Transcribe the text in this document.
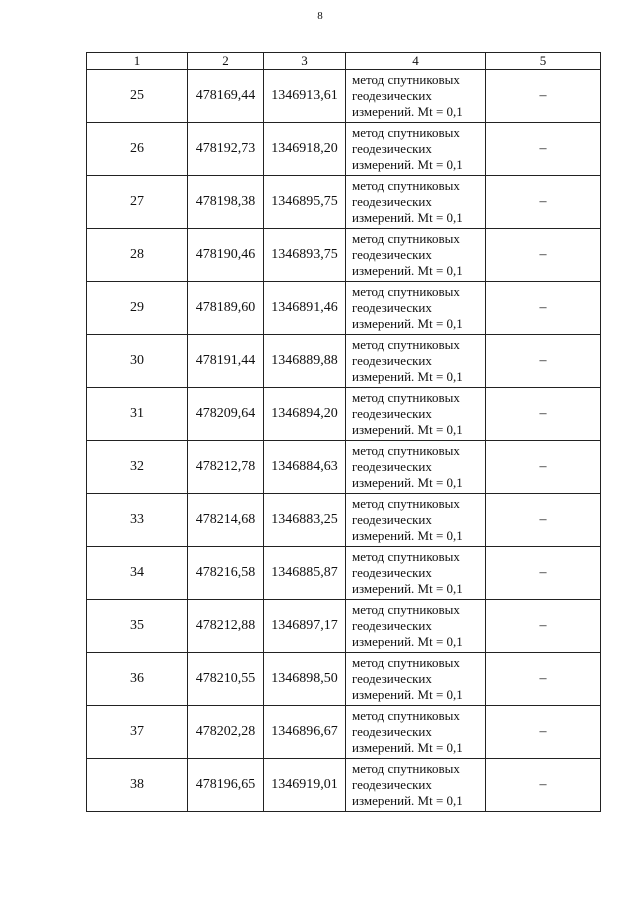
8
1	2	3	4	5
25	478169,44	1346913,61	метод спутниковых
геодезических
измерений. Mt = 0,1	–
26	478192,73	1346918,20	метод спутниковых
геодезических
измерений. Mt = 0,1	–
27	478198,38	1346895,75	метод спутниковых
геодезических
измерений. Mt = 0,1	–
28	478190,46	1346893,75	метод спутниковых
геодезических
измерений. Mt = 0,1	–
29	478189,60	1346891,46	метод спутниковых
геодезических
измерений. Mt = 0,1	–
30	478191,44	1346889,88	метод спутниковых
геодезических
измерений. Mt = 0,1	–
31	478209,64	1346894,20	метод спутниковых
геодезических
измерений. Mt = 0,1	–
32	478212,78	1346884,63	метод спутниковых
геодезических
измерений. Mt = 0,1	–
33	478214,68	1346883,25	метод спутниковых
геодезических
измерений. Mt = 0,1	–
34	478216,58	1346885,87	метод спутниковых
геодезических
измерений. Mt = 0,1	–
35	478212,88	1346897,17	метод спутниковых
геодезических
измерений. Mt = 0,1	–
36	478210,55	1346898,50	метод спутниковых
геодезических
измерений. Mt = 0,1	–
37	478202,28	1346896,67	метод спутниковых
геодезических
измерений. Mt = 0,1	–
38	478196,65	1346919,01	метод спутниковых
геодезических
измерений. Mt = 0,1	–
